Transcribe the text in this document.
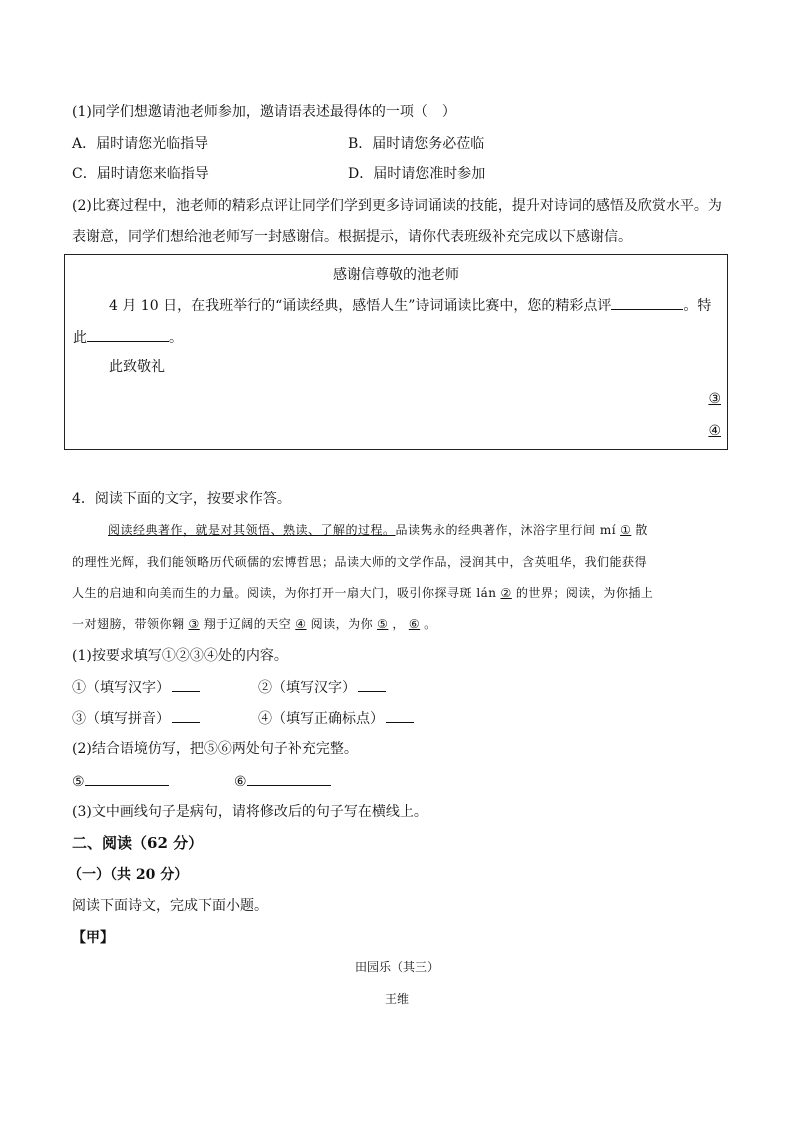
(1)同学们想邀请池老师参加，邀请语表述最得体的一项（　）
A．届时请您光临指导	B．届时请您务必莅临
C．届时请您来临指导	D．届时请您准时参加
(2)比赛过程中，池老师的精彩点评让同学们学到更多诗词诵读的技能，提升对诗词的感悟及欣赏水平。为
表谢意，同学们想给池老师写一封感谢信。根据提示，请你代表班级补充完成以下感谢信。
感谢信尊敬的池老师
4 月 10 日，在我班举行的“诵读经典，感悟人生”诗词诵读比赛中，您的精彩点评	。特
此	。
此致敬礼
③
④
4．阅读下面的文字，按要求作答。
阅读经典著作，就是对其领悟、熟读、了解的过程。品读隽永的经典著作，沐浴字里行间 mí ① 散
的理性光辉，我们能领略历代硕儒的宏博哲思；品读大师的文学作品，浸润其中，含英咀华，我们能获得
人生的启迪和向美而生的力量。阅读，为你打开一扇大门，吸引你探寻斑 lán ② 的世界；阅读，为你插上
一对翅膀，带领你翱 ③ 翔于辽阔的天空 ④ 阅读，为你 ⑤ ， ⑥ 。
(1)按要求填写①②③④处的内容。
①（填写汉字）	②（填写汉字）
③（填写拼音）	④（填写正确标点）
(2)结合语境仿写，把⑤⑥两处句子补充完整。
⑤	⑥
(3)文中画线句子是病句，请将修改后的句子写在横线上。
二、阅读（62 分）
（一）（共 20 分）
阅读下面诗文，完成下面小题。
【甲】
田园乐（其三）
王维
